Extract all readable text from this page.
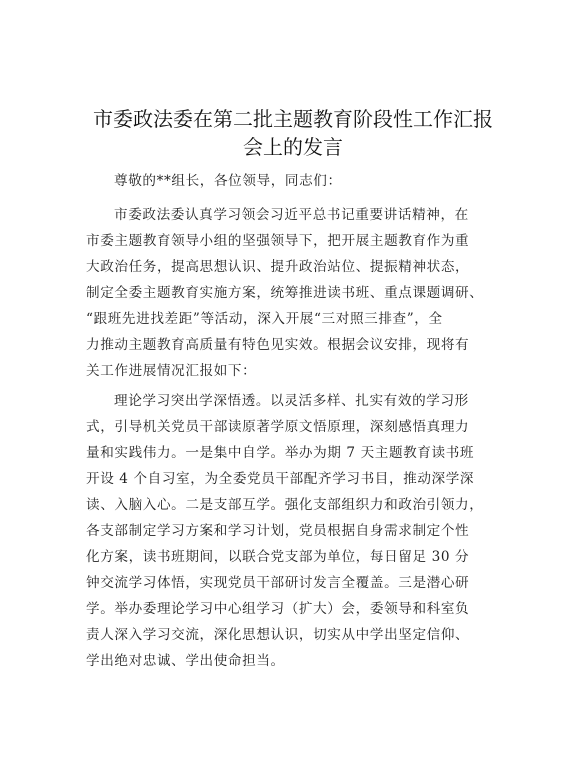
市委政法委在第二批主题教育阶段性工作汇报
会上的发言
尊敬的**组长，各位领导，同志们：
市委政法委认真学习领会习近平总书记重要讲话精神，在
市委主题教育领导小组的坚强领导下，把开展主题教育作为重
大政治任务，提高思想认识、提升政治站位、提振精神状态，
制定全委主题教育实施方案，统筹推进读书班、重点课题调研、
“跟班先进找差距”等活动，深入开展“三对照三排查”，全
力推动主题教育高质量有特色见实效。根据会议安排，现将有
关工作进展情况汇报如下：
理论学习突出学深悟透。以灵活多样、扎实有效的学习形
式，引导机关党员干部读原著学原文悟原理，深刻感悟真理力
量和实践伟力。一是集中自学。举办为期 7 天主题教育读书班
开设 4 个自习室，为全委党员干部配齐学习书目，推动深学深
读、入脑入心。二是支部互学。强化支部组织力和政治引领力，
各支部制定学习方案和学习计划，党员根据自身需求制定个性
化方案，读书班期间，以联合党支部为单位，每日留足 30 分
钟交流学习体悟，实现党员干部研讨发言全覆盖。三是潜心研
学。举办委理论学习中心组学习（扩大）会，委领导和科室负
责人深入学习交流，深化思想认识，切实从中学出坚定信仰、
学出绝对忠诚、学出使命担当。
